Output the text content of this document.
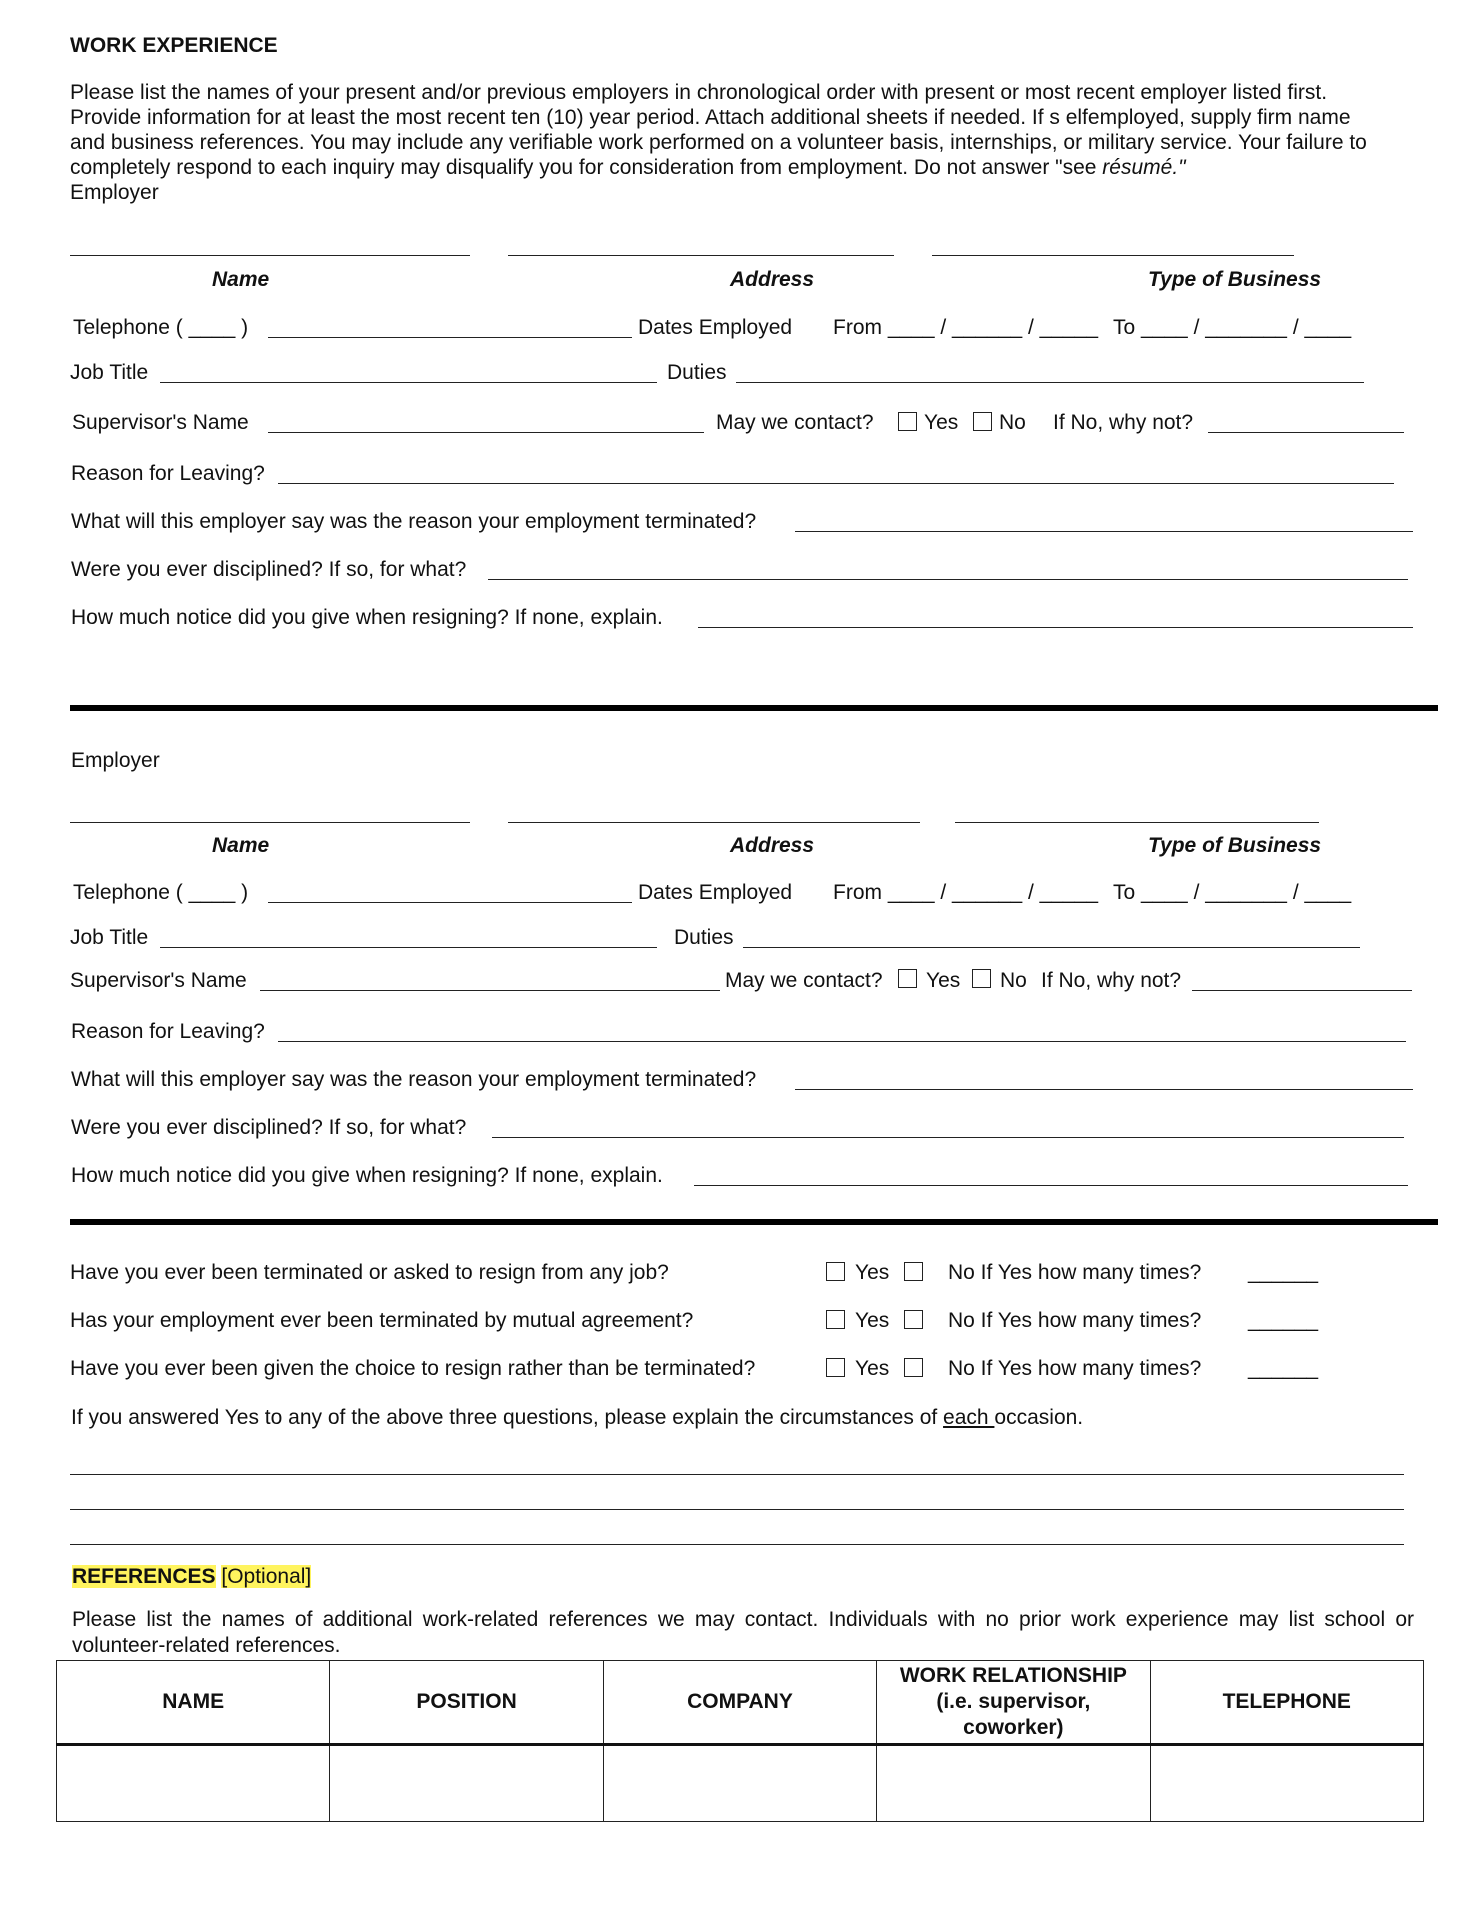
WORK EXPERIENCE

Please list the names of your present and/or previous employers in chronological order with present or most recent employer listed first.

Provide information for at least the most recent ten (10) year period. Attach additional sheets if needed. If s elfemployed, supply firm name

and business references. You may include any verifiable work performed on a volunteer basis, internships, or military service. Your failure to

completely respond to each inquiry may disqualify you for consideration from employment. Do not answer "see résumé."

Employer

Name	Address	Type of Business
Telephone ( ____ )	Dates Employed From ____ / ______ / _____ To ____ / _______ / ____
Job Title	Duties
Supervisor's Name	May we contact? Yes No If No, why not?
Reason for Leaving?
What will this employer say was the reason your employment terminated?
Were you ever disciplined? If so, for what?
How much notice did you give when resigning? If none, explain.
Employer
Name	Address	Type of Business
Telephone ( ____ )	Dates Employed From ____ / ______ / _____ To ____ / _______ / ____
Job Title	Duties
Supervisor's Name	May we contact? Yes No If No, why not?
Reason for Leaving?
What will this employer say was the reason your employment terminated?
Were you ever disciplined? If so, for what?
How much notice did you give when resigning? If none, explain.
Have you ever been terminated or asked to resign from any job?	Yes	No If Yes how many times? ______
Has your employment ever been terminated by mutual agreement?	Yes	No If Yes how many times? ______
Have you ever been given the choice to resign rather than be terminated?	Yes	No If Yes how many times? ______
If you answered Yes to any of the above three questions, please explain the circumstances of each occasion.
REFERENCES [Optional]
Please list the names of additional work-related references we may contact. Individuals with no prior work experience may list school or volunteer-related references.
NAME	POSITION	COMPANY	WORK RELATIONSHIP (i.e. supervisor, coworker)	TELEPHONE
